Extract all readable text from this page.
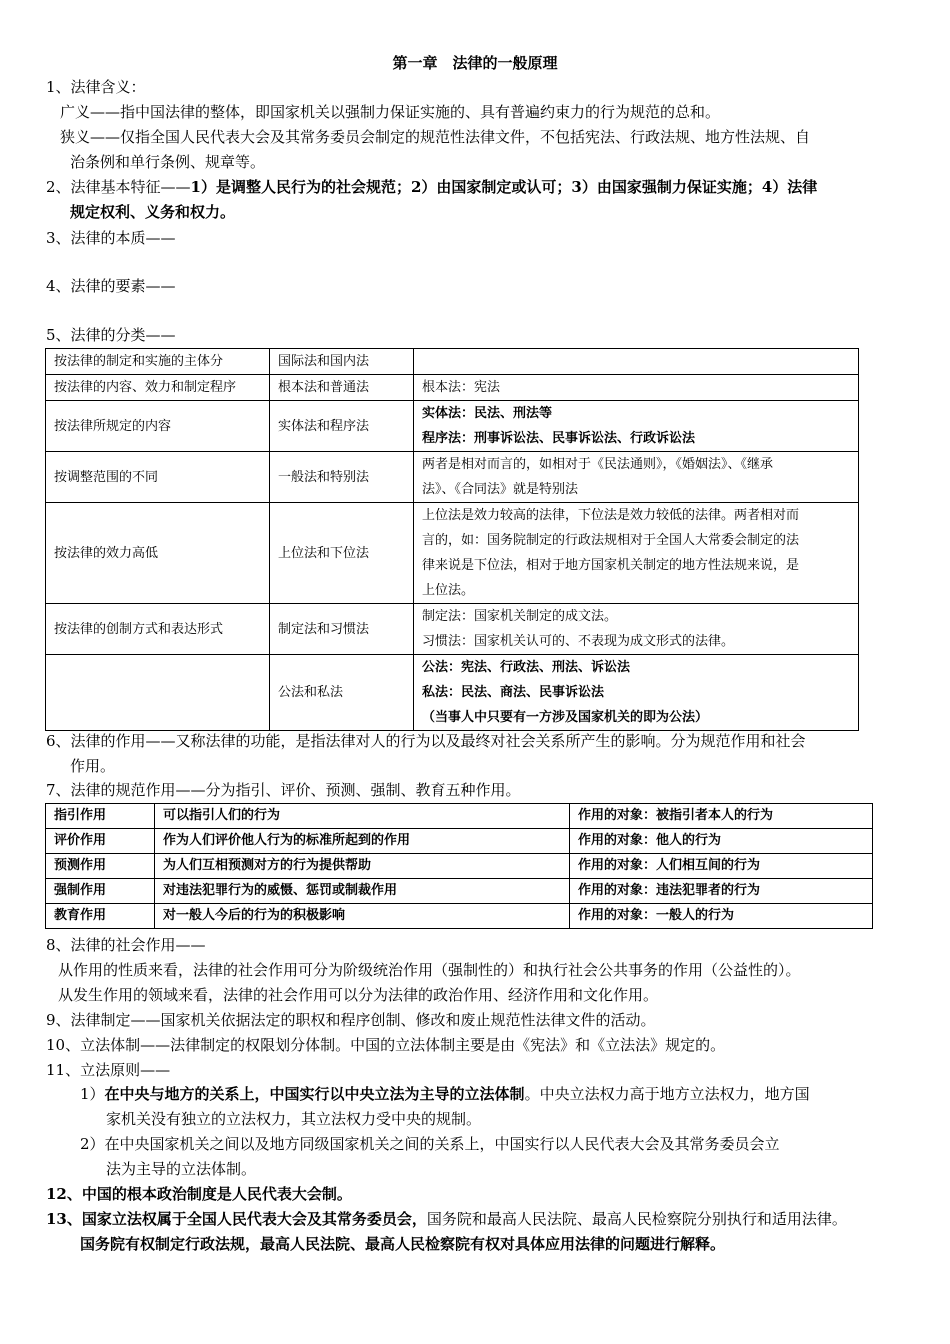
第一章　法律的一般原理
1、法律含义：
广义——指中国法律的整体，即国家机关以强制力保证实施的、具有普遍约束力的行为规范的总和。
狭义——仅指全国人民代表大会及其常务委员会制定的规范性法律文件，不包括宪法、行政法规、地方性法规、自
治条例和单行条例、规章等。
2、法律基本特征——1）是调整人民行为的社会规范；2）由国家制定或认可；3）由国家强制力保证实施；4）法律
规定权利、义务和权力。
3、法律的本质——
4、法律的要素——
5、法律的分类——
按法律的制定和实施的主体分	国际法和国内法	
按法律的内容、效力和制定程序	根本法和普通法	根本法：宪法
按法律所规定的内容	实体法和程序法	实体法：民法、刑法等
程序法：刑事诉讼法、民事诉讼法、行政诉讼法

按调整范围的不同	一般法和特别法	两者是相对而言的，如相对于《民法通则》，《婚姻法》、《继承
法》、《合同法》就是特别法

按法律的效力高低	上位法和下位法	上位法是效力较高的法律，下位法是效力较低的法律。两者相对而
言的，如：国务院制定的行政法规相对于全国人大常委会制定的法
律来说是下位法，相对于地方国家机关制定的地方性法规来说，是
上位法。

按法律的创制方式和表达形式	制定法和习惯法	制定法：国家机关制定的成文法。
习惯法：国家机关认可的、不表现为成文形式的法律。

	公法和私法	公法：宪法、行政法、刑法、诉讼法
私法：民法、商法、民事诉讼法
（当事人中只要有一方涉及国家机关的即为公法）
6、法律的作用——又称法律的功能，是指法律对人的行为以及最终对社会关系所产生的影响。分为规范作用和社会
作用。
7、法律的规范作用——分为指引、评价、预测、强制、教育五种作用。
指引作用	可以指引人们的行为	作用的对象：被指引者本人的行为
评价作用	作为人们评价他人行为的标准所起到的作用	作用的对象：他人的行为
预测作用	为人们互相预测对方的行为提供帮助	作用的对象：人们相互间的行为
强制作用	对违法犯罪行为的威慑、惩罚或制裁作用	作用的对象：违法犯罪者的行为
教育作用	对一般人今后的行为的积极影响	作用的对象：一般人的行为
8、法律的社会作用——
从作用的性质来看，法律的社会作用可分为阶级统治作用（强制性的）和执行社会公共事务的作用（公益性的）。
从发生作用的领域来看，法律的社会作用可以分为法律的政治作用、经济作用和文化作用。
9、法律制定——国家机关依据法定的职权和程序创制、修改和废止规范性法律文件的活动。
10、立法体制——法律制定的权限划分体制。中国的立法体制主要是由《宪法》和《立法法》规定的。
11、立法原则——
1）在中央与地方的关系上，中国实行以中央立法为主导的立法体制。中央立法权力高于地方立法权力，地方国
家机关没有独立的立法权力，其立法权力受中央的规制。
2）在中央国家机关之间以及地方同级国家机关之间的关系上，中国实行以人民代表大会及其常务委员会立
法为主导的立法体制。
12、中国的根本政治制度是人民代表大会制。
13、国家立法权属于全国人民代表大会及其常务委员会，国务院和最高人民法院、最高人民检察院分别执行和适用法律。
国务院有权制定行政法规，最高人民法院、最高人民检察院有权对具体应用法律的问题进行解释。
